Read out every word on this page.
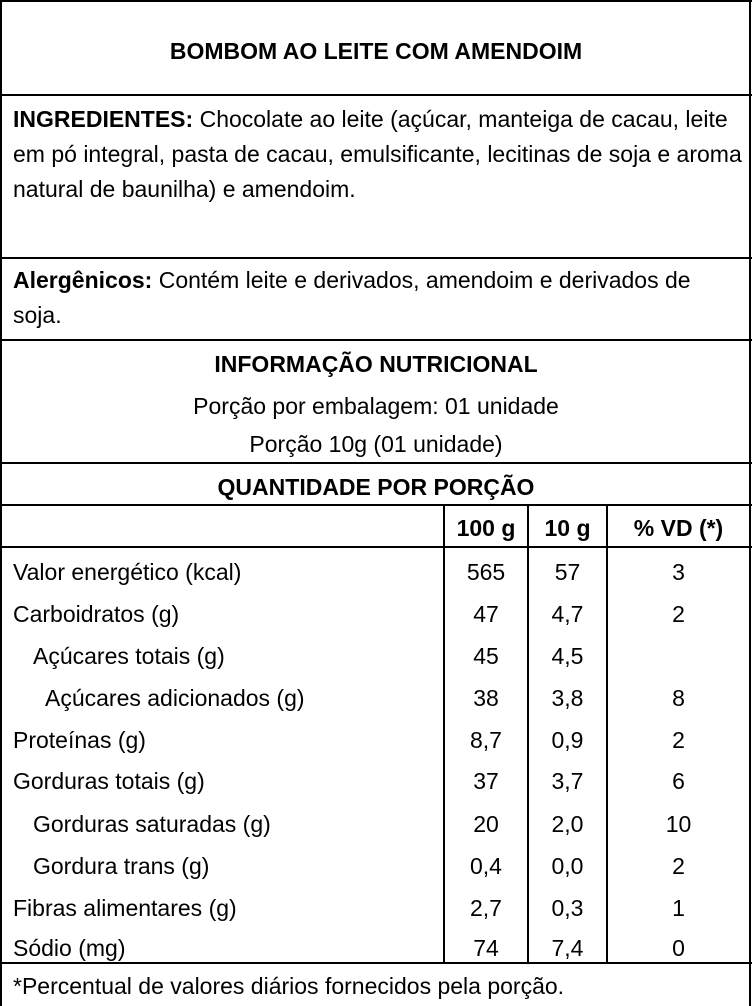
BOMBOM AO LEITE COM AMENDOIM
INGREDIENTES: Chocolate ao leite (açúcar, manteiga de cacau, leite em pó integral, pasta de cacau, emulsificante, lecitinas de soja e aroma natural de baunilha) e amendoim.
Alergênicos: Contém leite e derivados, amendoim e derivados de soja.
INFORMAÇÃO NUTRICIONAL
Porção por embalagem: 01 unidade
Porção 10g (01 unidade)
QUANTIDADE POR PORÇÃO
100 g	10 g	% VD (*)
Valor energético (kcal)	565	57	3
Carboidratos (g)	47	4,7	2
Açúcares totais (g)	45	4,5
Açúcares adicionados (g)	38	3,8	8
Proteínas (g)	8,7	0,9	2
Gorduras totais (g)	37	3,7	6
Gorduras saturadas (g)	20	2,0	10
Gordura trans (g)	0,4	0,0	2
Fibras alimentares (g)	2,7	0,3	1
Sódio (mg)	74	7,4	0
*Percentual de valores diários fornecidos pela porção.
